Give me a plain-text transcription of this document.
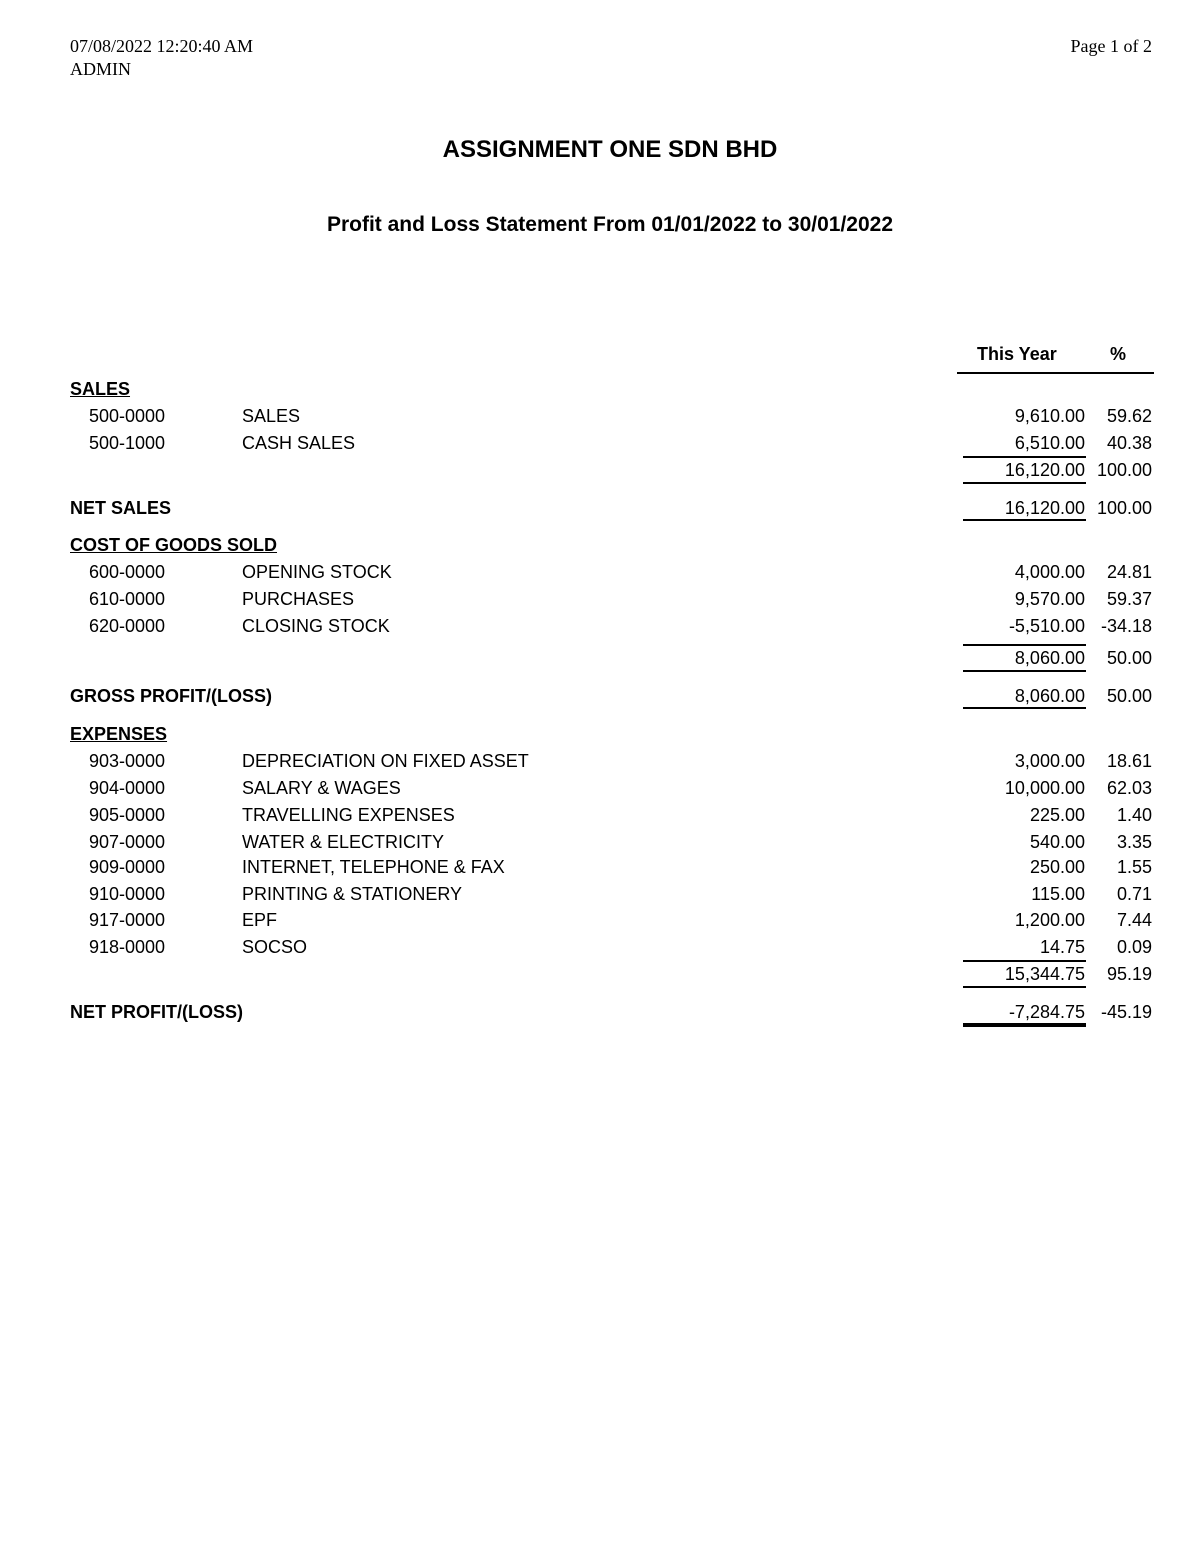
07/08/2022 12:20:40 AM
ADMIN
Page 1 of 2
ASSIGNMENT ONE SDN BHD
Profit and Loss Statement From 01/01/2022 to 30/01/2022
This Year	%
SALES
500-0000	SALES	9,610.00	59.62
500-1000	CASH SALES	6,510.00	40.38
16,120.00 100.00
NET SALES	16,120.00 100.00
COST OF GOODS SOLD
600-0000	OPENING STOCK	4,000.00	24.81
610-0000	PURCHASES	9,570.00	59.37
620-0000	CLOSING STOCK	-5,510.00 -34.18
8,060.00	50.00
GROSS PROFIT/(LOSS)	8,060.00	50.00
EXPENSES
903-0000	DEPRECIATION ON FIXED ASSET	3,000.00	18.61
904-0000	SALARY & WAGES	10,000.00	62.03
905-0000	TRAVELLING EXPENSES	225.00	1.40
907-0000	WATER & ELECTRICITY	540.00	3.35
909-0000	INTERNET, TELEPHONE & FAX	250.00	1.55
910-0000	PRINTING & STATIONERY	115.00	0.71
917-0000	EPF	1,200.00	7.44
918-0000	SOCSO	14.75	0.09
15,344.75	95.19
NET PROFIT/(LOSS)	-7,284.75 -45.19
